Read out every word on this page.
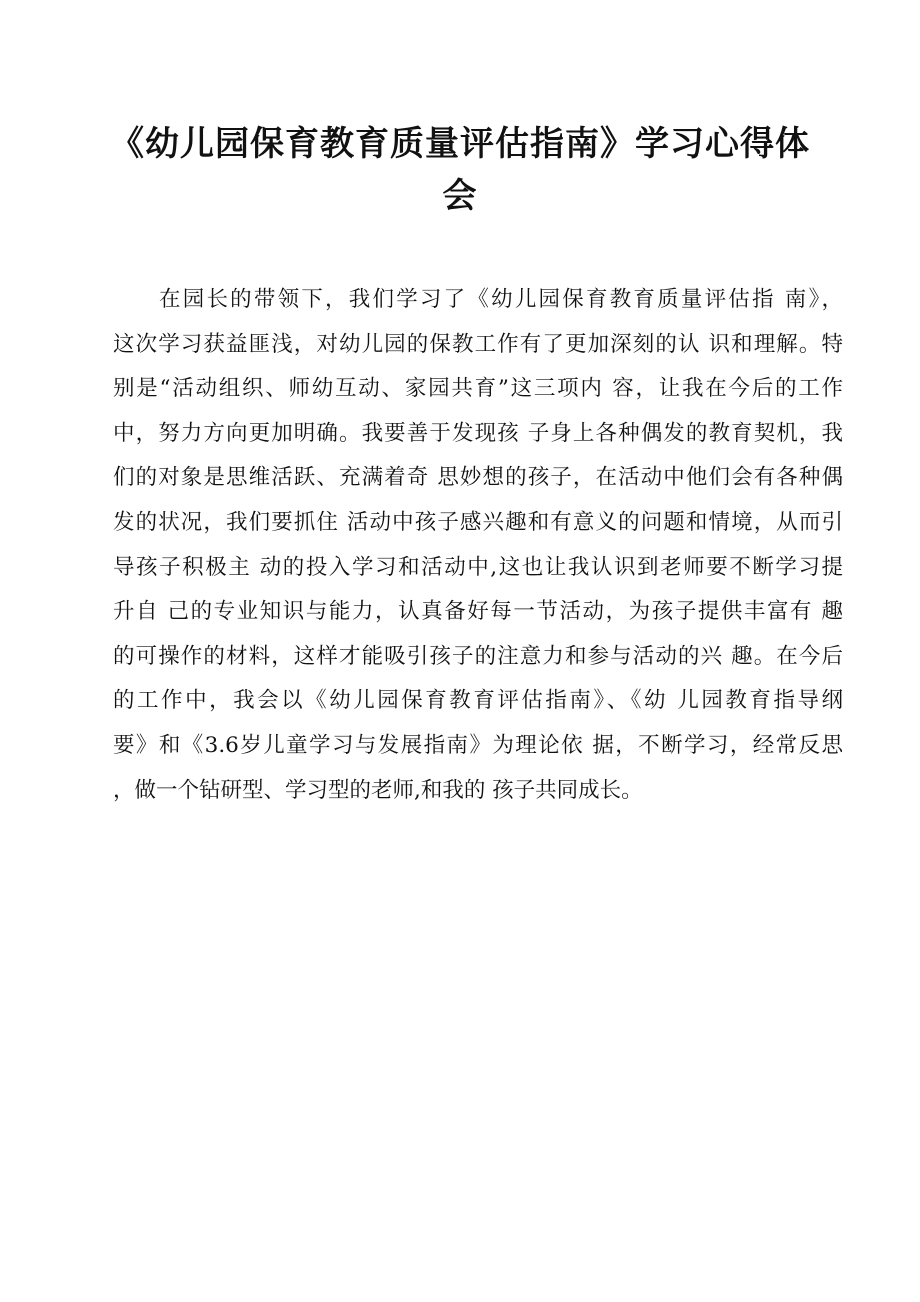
《幼儿园保育教育质量评估指南》学习心得体
会
在园长的带领下，我们学习了《幼儿园保育教育质量评估指 南》，
这次学习获益匪浅，对幼儿园的保教工作有了更加深刻的认 识和理解。特
别是“活动组织、师幼互动、家园共育”这三项内 容，让我在今后的工作
中，努力方向更加明确。我要善于发现孩 子身上各种偶发的教育契机，我
们的对象是思维活跃、充满着奇 思妙想的孩子，在活动中他们会有各种偶
发的状况，我们要抓住 活动中孩子感兴趣和有意义的问题和情境，从而引
导孩子积极主 动的投入学习和活动中,这也让我认识到老师要不断学习提
升自 己的专业知识与能力，认真备好每一节活动，为孩子提供丰富有 趣
的可操作的材料，这样才能吸引孩子的注意力和参与活动的兴 趣。在今后
的工作中，我会以《幼儿园保育教育评估指南》、《幼 儿园教育指导纲
要》和《3.6岁儿童学习与发展指南》为理论依 据，不断学习，经常反思
，做一个钻研型、学习型的老师,和我的 孩子共同成长。
